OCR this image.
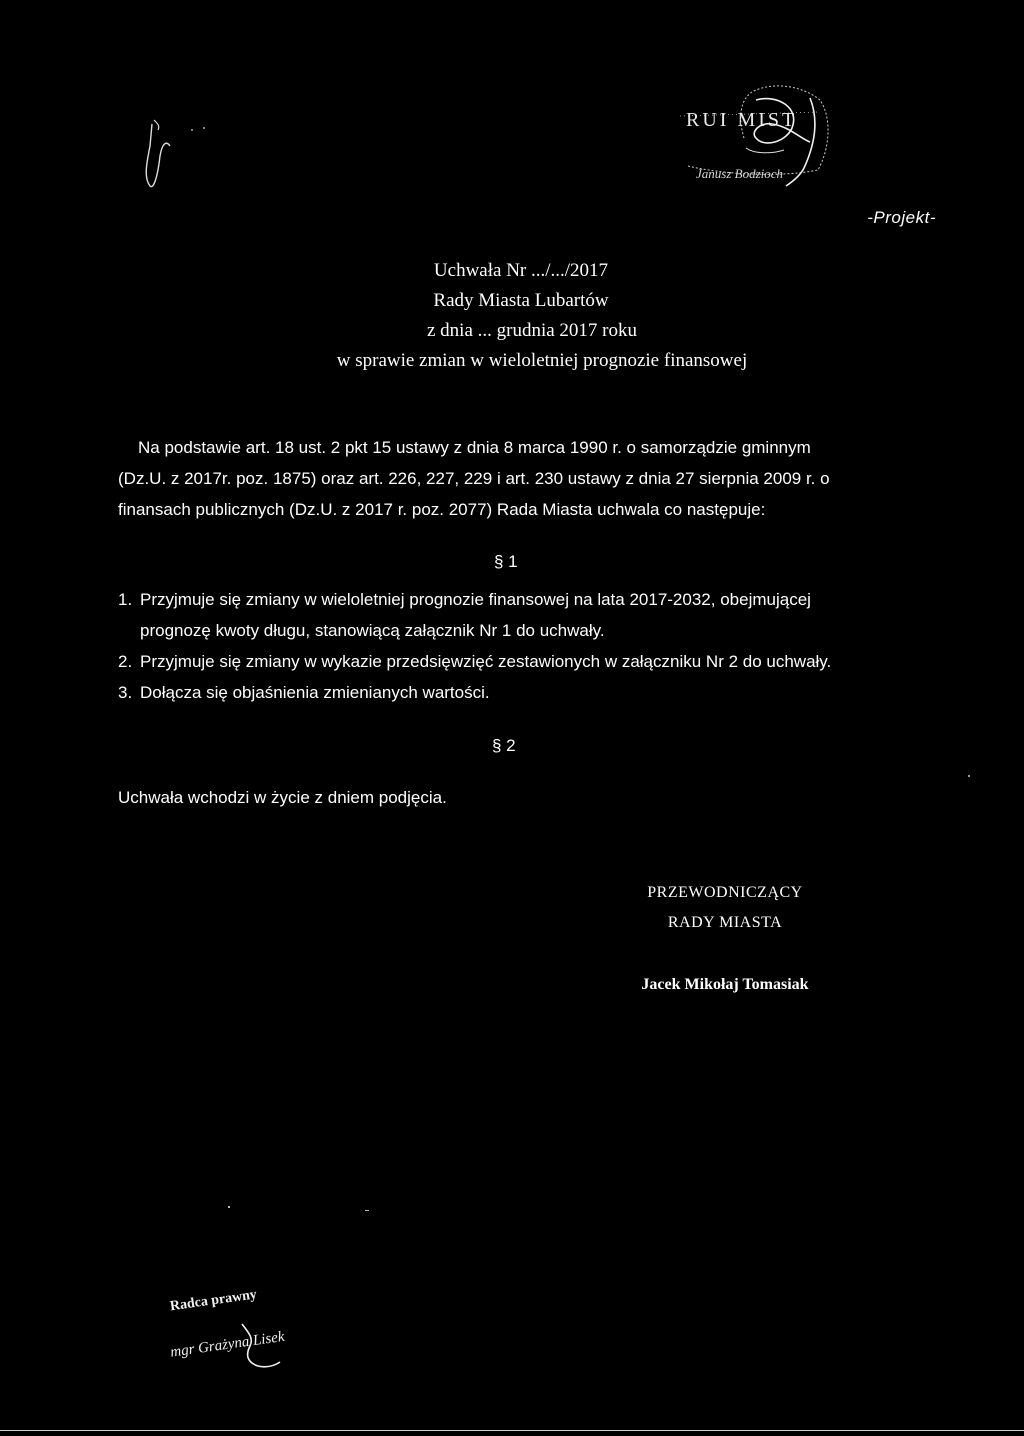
RUI MIST
Janusz Bodzioch
-Projekt-
Uchwała Nr .../.../2017
Rady Miasta Lubartów
z dnia ... grudnia 2017 roku
w sprawie zmian w wieloletniej prognozie finansowej
Na podstawie art. 18 ust. 2 pkt 15 ustawy z dnia 8 marca 1990 r. o samorządzie gminnym
(Dz.U. z 2017r. poz. 1875) oraz art. 226, 227, 229 i art. 230 ustawy z dnia 27 sierpnia 2009 r. o
finansach publicznych (Dz.U. z 2017 r. poz. 2077) Rada Miasta uchwala co następuje:
§ 1
1. Przyjmuje się zmiany w wieloletniej prognozie finansowej na lata 2017-2032, obejmującej
prognozę kwoty długu, stanowiącą załącznik Nr 1 do uchwały.
2. Przyjmuje się zmiany w wykazie przedsięwzięć zestawionych w załączniku Nr 2 do uchwały.
3. Dołącza się objaśnienia zmienianych wartości.
§ 2
Uchwała wchodzi w życie z dniem podjęcia.
PRZEWODNICZĄCY
RADY MIASTA
Jacek Mikołaj Tomasiak
Radca prawny
mgr Grażyna Lisek
